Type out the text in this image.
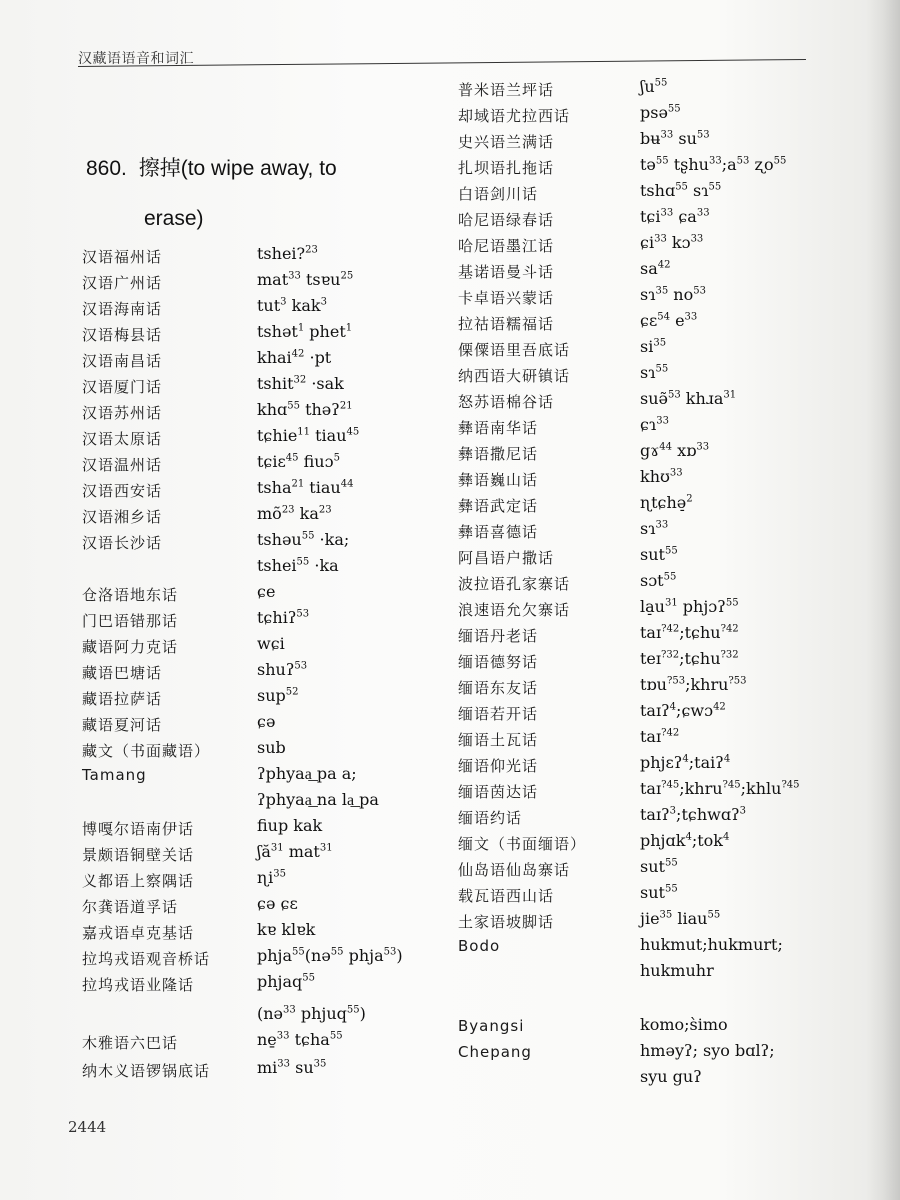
汉藏语语音和词汇
860. 擦掉(to wipe away, to
erase)
汉语福州话	tshei?$^{23}$
汉语广州话	mat$^{33}$ tsɐu$^{25}$
汉语海南话	tut$^3$ kak$^3$
汉语梅县话	tshət$^1$ phet$^1$
汉语南昌话	khai$^{42}$ ·pt
汉语厦门话	tshit$^{32}$ ·sak
汉语苏州话	khɑ$^{55}$ thəʔ$^{21}$
汉语太原话	tɕhie$^{11}$ tiau$^{45}$
汉语温州话	tɕiɛ$^{45}$ fiuɔ$^5$
汉语西安话	tsha$^{21}$ tiau$^{44}$
汉语湘乡话	$mõ^{23}$ $ka^{23}$
汉语长沙话	tshəu$^{55}$ ·ka;
tshei$^{55}$ ·ka
仓洛语地东话	ɕe
门巴语错那话	tɕhiʔ$^{53}$
藏语阿力克话	wɕi
藏语巴塘话	shuʔ$^{53}$
藏语拉萨话	sup$^{52}$
藏语夏河话	ɕə
藏文（书面藏语）	sub
Tamang	ʔphyaa͟ pa a;
ʔphyaa͟ na la͟ pa
博嘎尔语南伊话	fiup kak
景颇语铜壁关话	ʃă$^{31}$ mat$^{31}$
义都语上察隅话	ɳi$^{35}$
尔龚语道孚话	ɕə ɕɛ
嘉戎语卓克基话	kɐ klɐk
拉坞戎语观音桥话	phja$^{55}$(nə$^{55}$ phja$^{53}$)
拉坞戎语业隆话	phjaq$^{55}$
(nə$^{33}$ phjuq$^{55}$)
木雅语六巴话	ne̱$^{33}$ tɕha$^{55}$
纳木义语锣锅底话	$mi^{33}$ $su^{35}$
普米语兰坪话	ʃu$^{55}$
却域语尤拉西话	psə$^{55}$
史兴语兰满话	bʉ$^{33}$ $su^{53}$
扎坝语扎拖话	tə$^{55}$ $tʂhu^{33};a^{53}$ ʐo$^{55}$
白语剑川话	tshɑ$^{55}$ sɿ$^{55}$
哈尼语绿春话	tɕi$^{33}$ ɕa$^{33}$
哈尼语墨江话	ɕi$^{33}$ kɔ$^{33}$
基诺语曼斗话	$sa^{42}$
卡卓语兴蒙话	sɿ$^{35}$ $no^{53}$
拉祜语糯福话	ɕɛ$^{54}$ $e^{33}$
傈僳语里吾底话	$si^{35}$
纳西语大研镇话	sɿ$^{55}$
怒苏语棉谷话	suə̃$^{53}$ khɹa$^{31}$
彝语南华话	ɕɿ$^{33}$
彝语撒尼话	gɤ$^{44}$ xɒ$^{33}$
彝语巍山话	khʊ$^{33}$
彝语武定话	ɳtɕhə̠$^2$
彝语喜德话	sɿ$^{33}$
阿昌语户撒话	sut$^{55}$
波拉语孔家寨话	sɔt$^{55}$
浪速语允欠寨话	$la̠u^{31}$ phjɔʔ$^{55}$
缅语丹老话	taɪ$^{?42}$;tɕhu$^{?42}$
缅语德努话	teɪ$^{?32}$;tɕhu$^{?32}$
缅语东友话	tɒu$^{?53}$;khru$^{?53}$
缅语若开话	taɪʔ$^4$;ɕwɔ$^{42}$
缅语土瓦话	taɪ$^{?42}$
缅语仰光话	phjɛʔ$^4$;taiʔ$^4$
缅语茵达话	taɪ$^{?45}$;khru$^{?45}$;khlu$^{?45}$
缅语约话	taɪʔ$^3$;tɕhwɑʔ$^3$
缅文（书面缅语）	phjɑk$^4$;tok$^4$
仙岛语仙岛寨话	sut$^{55}$
载瓦语西山话	sut$^{55}$
土家语坡脚话	jie$^{35}$ liau$^{55}$
Bodo	hukmut;hukmurt;
hukmuhr
Byangsi	komo;s̀imo
Chepang	hməyʔ; syo bɑlʔ;
syu guʔ
2444
